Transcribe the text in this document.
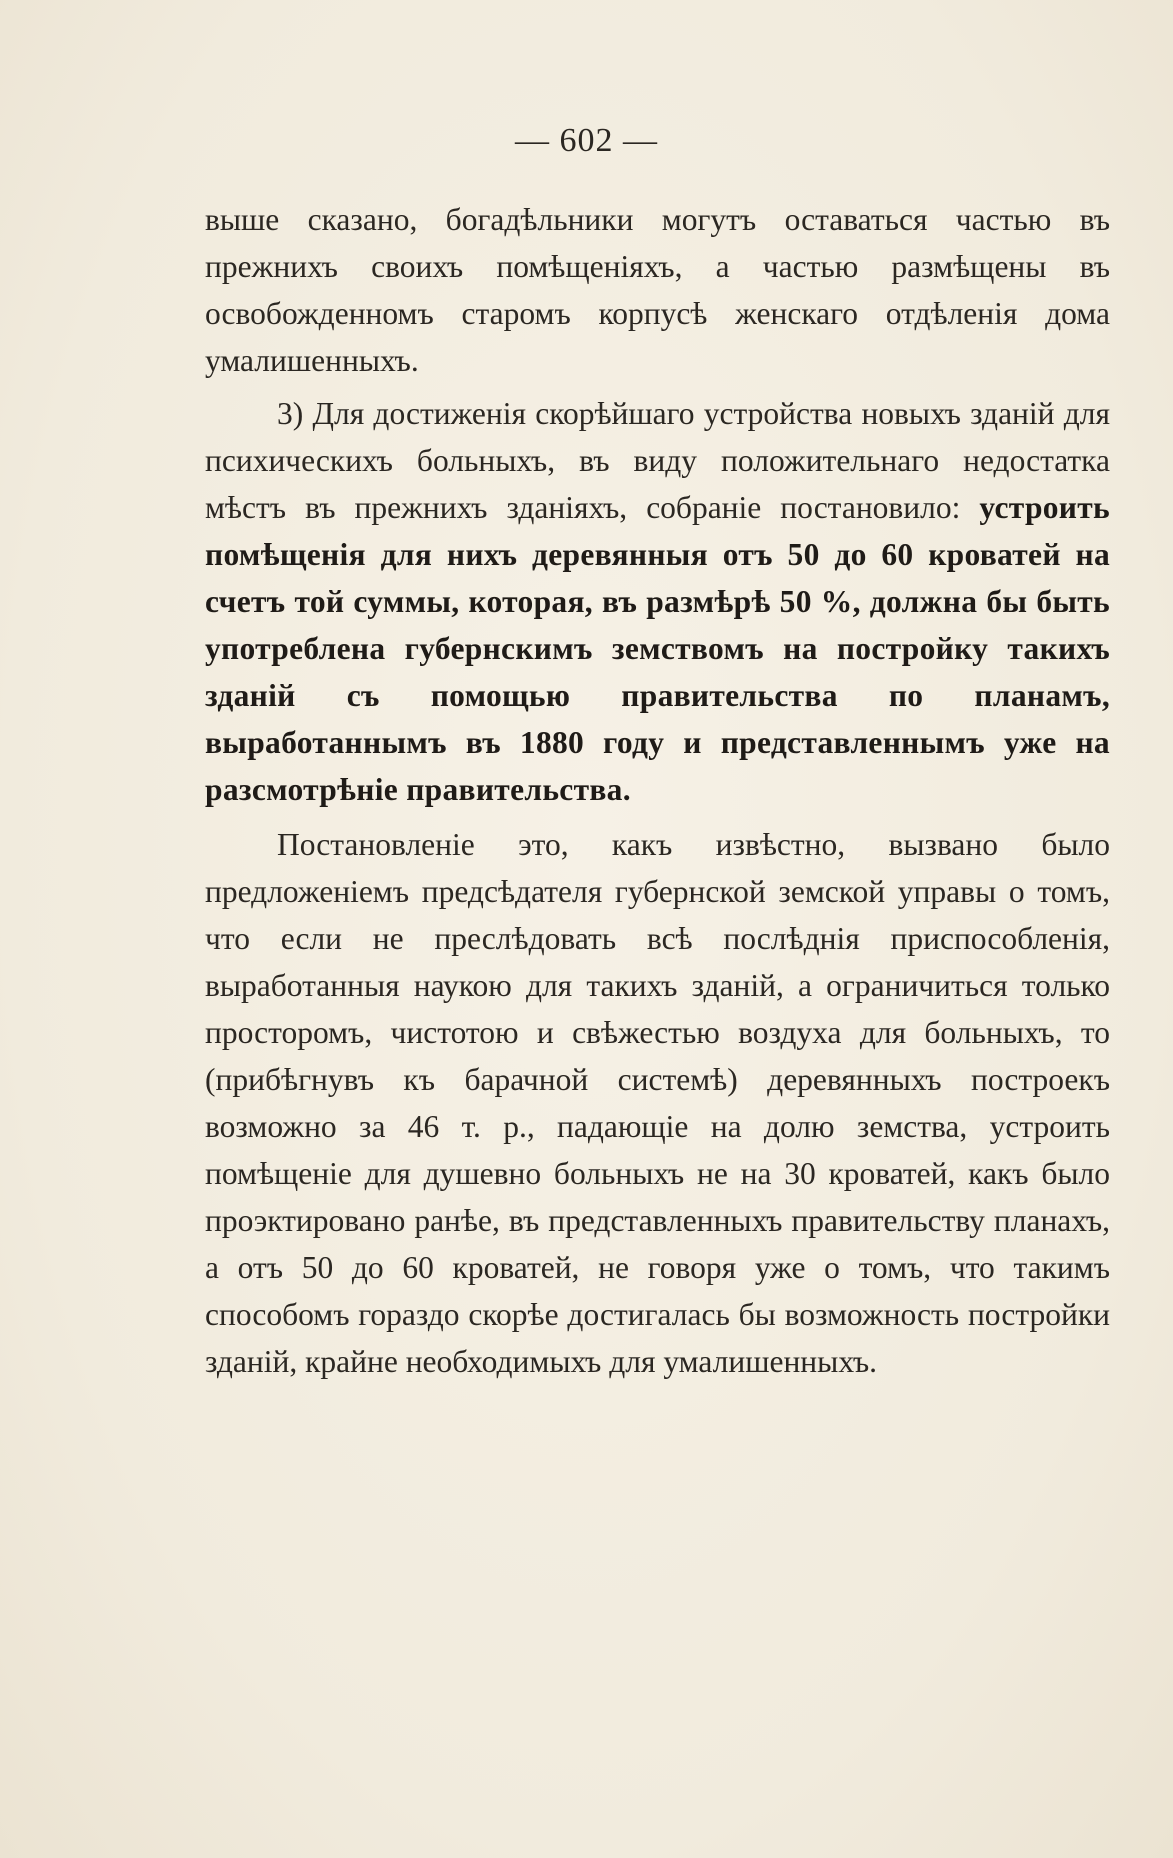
— 602 —

выше сказано, богадѣльники могутъ оставаться частью въ прежнихъ своихъ помѣщеніяхъ, а частью размѣщены въ освобожденномъ старомъ корпусѣ женскаго отдѣленія дома умалишенныхъ.

3) Для достиженія скорѣйшаго устройства новыхъ зданій для психическихъ больныхъ, въ виду положительнаго недостатка мѣстъ въ прежнихъ зданіяхъ, собраніе постановило: устроить помѣщенія для нихъ деревянныя отъ 50 до 60 кроватей на счетъ той суммы, которая, въ размѣрѣ 50 %, должна бы быть употреблена губернскимъ земствомъ на постройку такихъ зданій съ помощью правительства по планамъ, выработаннымъ въ 1880 году и представленнымъ уже на разсмотрѣніе правительства.

Постановленіе это, какъ извѣстно, вызвано было предложеніемъ предсѣдателя губернской земской управы о томъ, что если не преслѣдовать всѣ послѣднія приспособленія, выработанныя наукою для такихъ зданій, а ограничиться только просторомъ, чистотою и свѣжестью воздуха для больныхъ, то (прибѣгнувъ къ барачной системѣ) деревянныхъ построекъ возможно за 46 т. р., падающіе на долю земства, устроить помѣщеніе для душевно больныхъ не на 30 кроватей, какъ было проэктировано ранѣе, въ представленныхъ правительству планахъ, а отъ 50 до 60 кроватей, не говоря уже о томъ, что такимъ способомъ гораздо скорѣе достигалась бы возможность постройки зданій, крайне необходимыхъ для умалишенныхъ.
